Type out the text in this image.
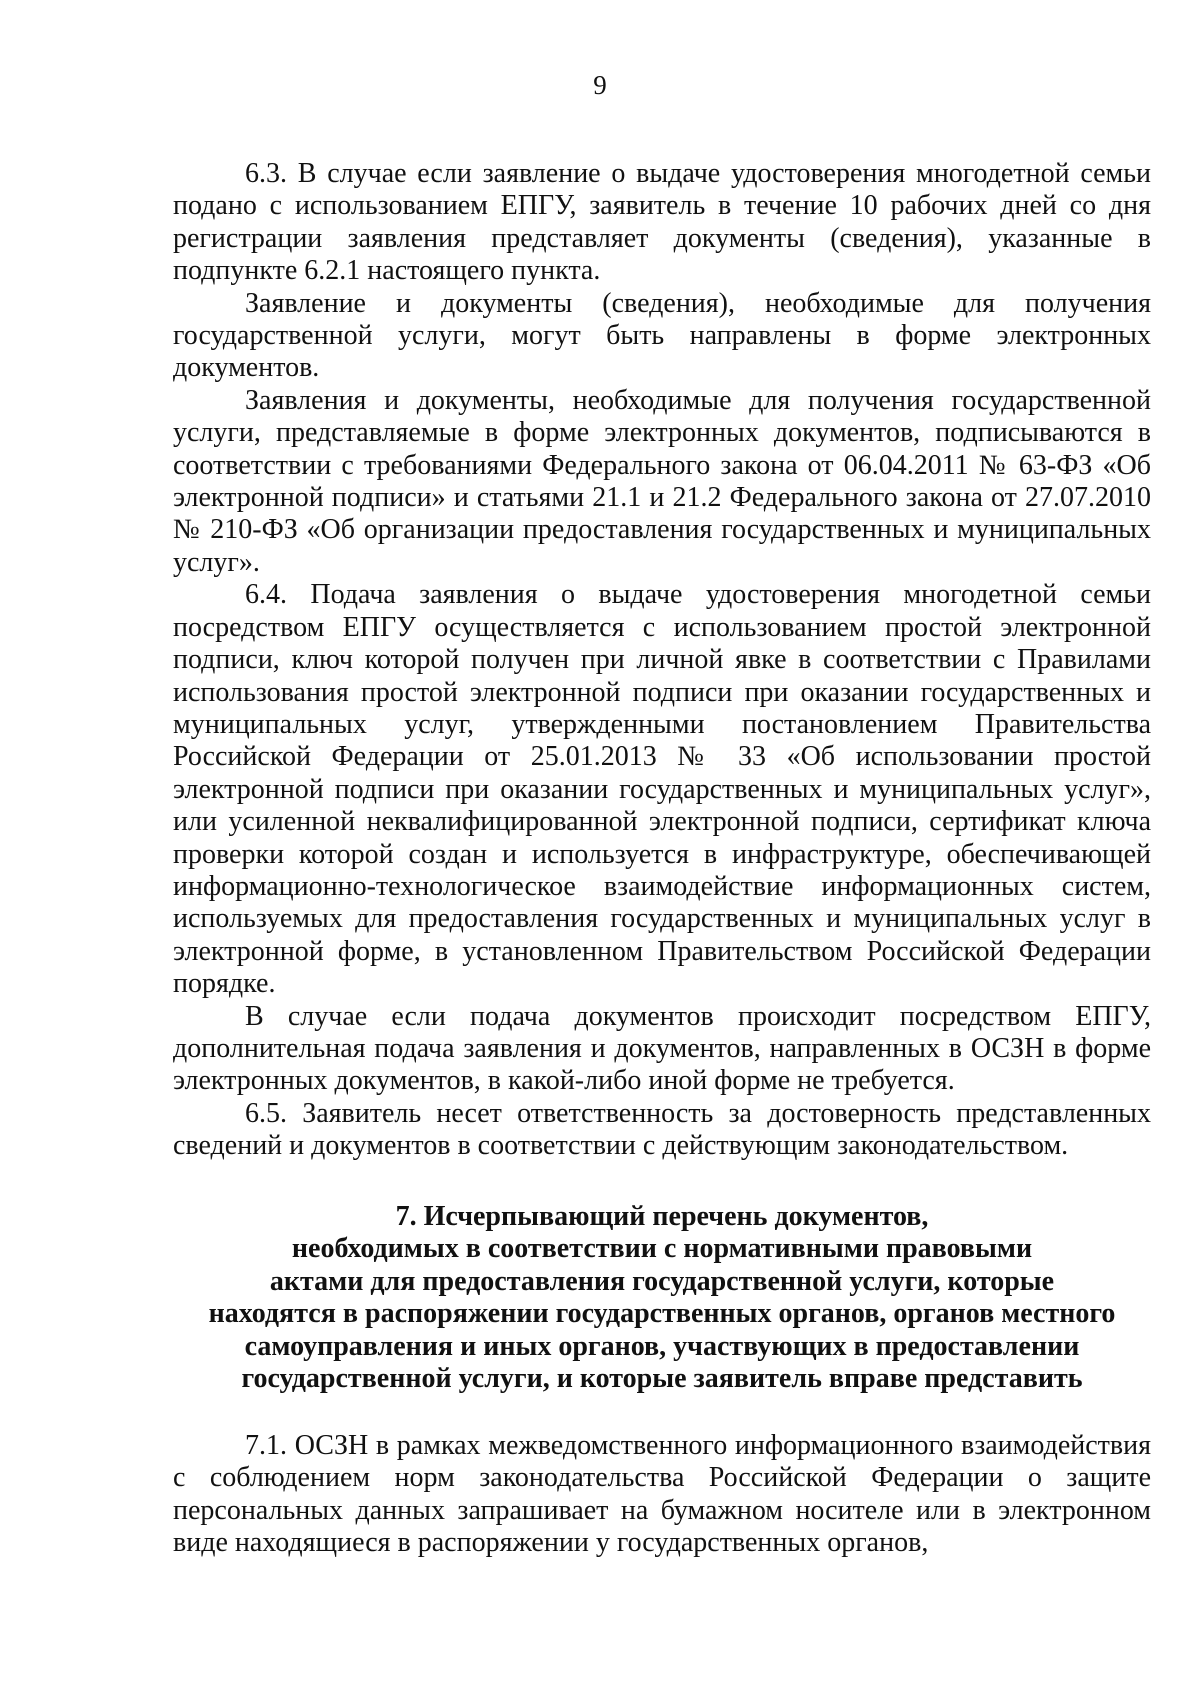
9

6.3. В случае если заявление о выдаче удостоверения многодетной семьи подано с использованием ЕПГУ, заявитель в течение 10 рабочих дней со дня регистрации заявления представляет документы (сведения), указанные в подпункте 6.2.1 настоящего пункта.

Заявление и документы (сведения), необходимые для получения государственной услуги, могут быть направлены в форме электронных документов.

Заявления и документы, необходимые для получения государственной услуги, представляемые в форме электронных документов, подписываются в соответствии с требованиями Федерального закона от 06.04.2011 № 63-ФЗ «Об электронной подписи» и статьями 21.1 и 21.2 Федерального закона от 27.07.2010 № 210-ФЗ «Об организации предоставления государственных и муниципальных услуг».

6.4. Подача заявления о выдаче удостоверения многодетной семьи посредством ЕПГУ осуществляется с использованием простой электронной подписи, ключ которой получен при личной явке в соответствии с Правилами использования простой электронной подписи при оказании государственных и муниципальных услуг, утвержденными постановлением Правительства Российской Федерации от 25.01.2013 № 33 «Об использовании простой электронной подписи при оказании государственных и муниципальных услуг», или усиленной неквалифицированной электронной подписи, сертификат ключа проверки которой создан и используется в инфраструктуре, обеспечивающей информационно-технологическое взаимодействие информационных систем, используемых для предоставления государственных и муниципальных услуг в электронной форме, в установленном Правительством Российской Федерации порядке.

В случае если подача документов происходит посредством ЕПГУ, дополнительная подача заявления и документов, направленных в ОСЗН в форме электронных документов, в какой-либо иной форме не требуется.

6.5. Заявитель несет ответственность за достоверность представленных сведений и документов в соответствии с действующим законодательством.

7. Исчерпывающий перечень документов,
необходимых в соответствии с нормативными правовыми
актами для предоставления государственной услуги, которые
находятся в распоряжении государственных органов, органов местного
самоуправления и иных органов, участвующих в предоставлении
государственной услуги, и которые заявитель вправе представить

7.1. ОСЗН в рамках межведомственного информационного взаимодействия с соблюдением норм законодательства Российской Федерации о защите персональных данных запрашивает на бумажном носителе или в электронном виде находящиеся в распоряжении у государственных органов,
